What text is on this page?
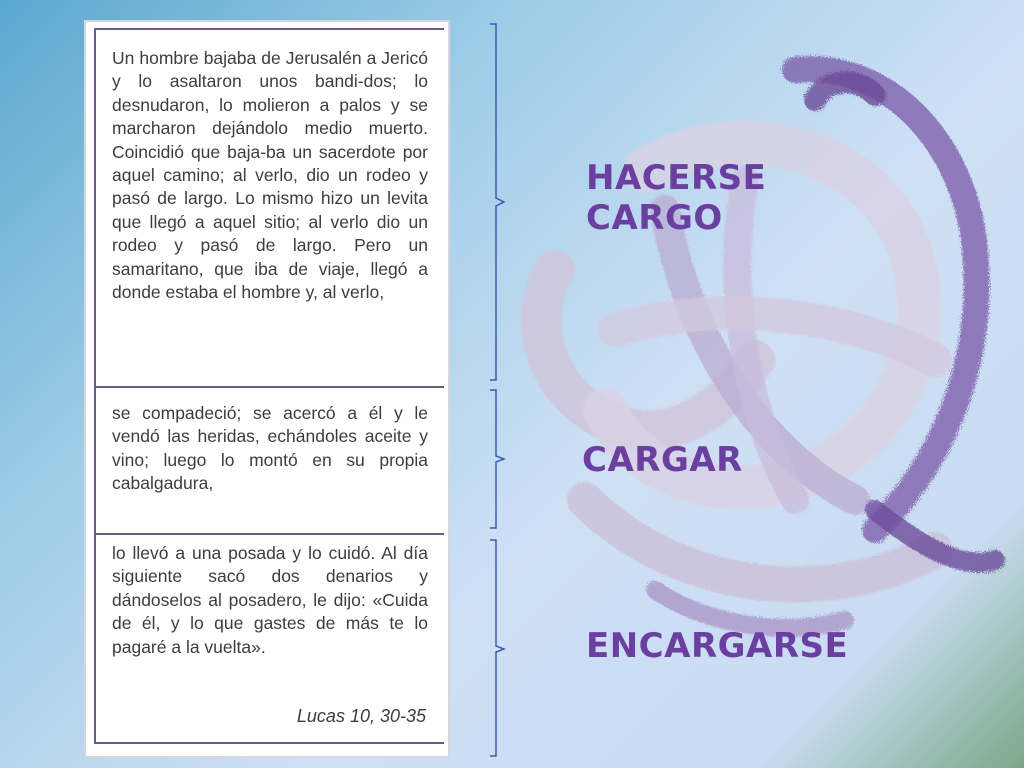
Un hombre bajaba de Jerusalén a Jericó y lo asaltaron unos bandi-dos; lo desnudaron, lo molieron a palos y se marcharon dejándolo medio muerto. Coincidió que baja-ba un sacerdote por aquel camino; al verlo, dio un rodeo y pasó de largo. Lo mismo hizo un levita que llegó a aquel sitio; al verlo dio un rodeo y pasó de largo. Pero un samaritano, que iba de viaje, llegó a donde estaba el hombre y, al verlo,
se compadeció; se acercó a él y le vendó las heridas, echándoles aceite y vino; luego lo montó en su propia cabalgadura,
lo llevó a una posada y lo cuidó. Al día siguiente sacó dos denarios y dándoselos al posadero, le dijo: «Cuida de él, y lo que gastes de más te lo pagaré a la vuelta».
Lucas 10, 30-35
HACERSE
CARGO
CARGAR
ENCARGARSE
